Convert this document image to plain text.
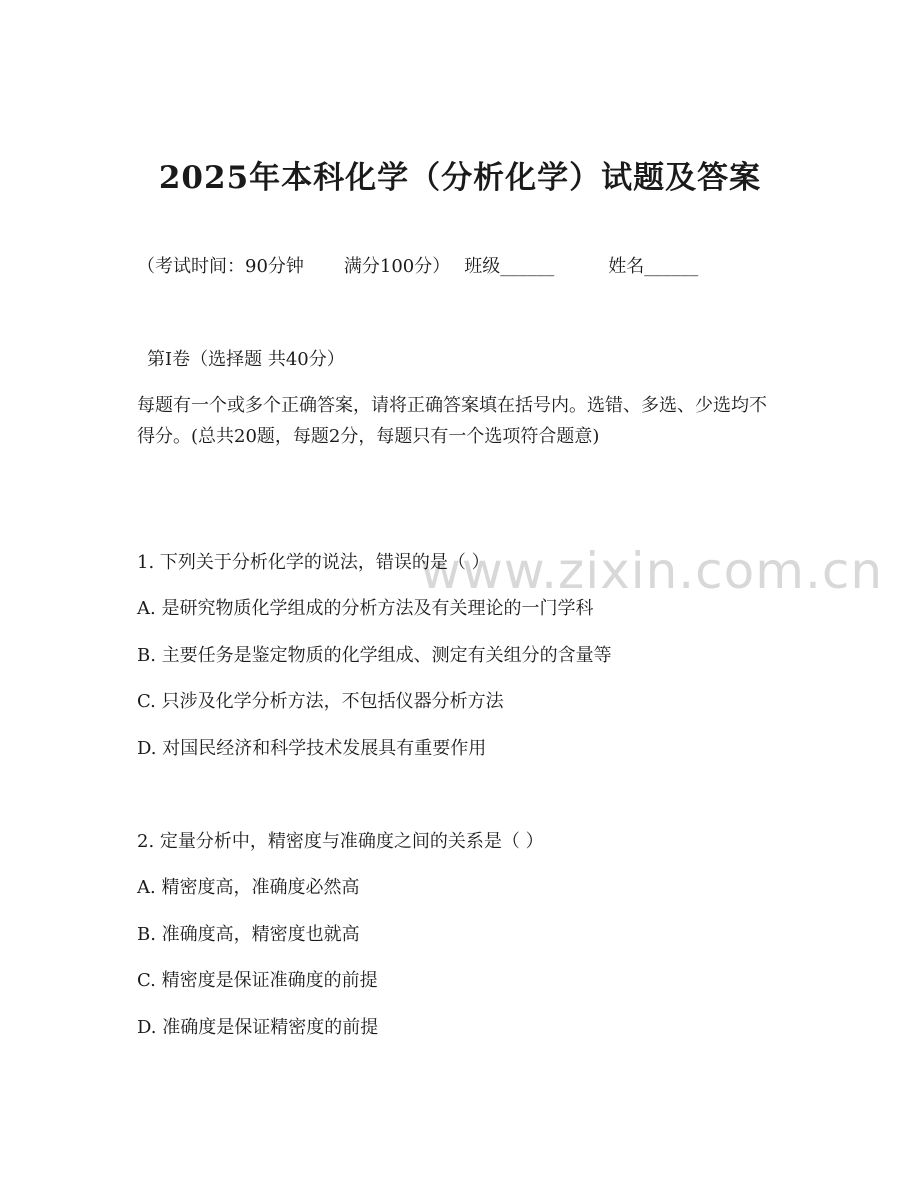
www.zixin.com.cn
2025年本科化学（分析化学）试题及答案
（考试时间：90分钟 满分100分） 班级______	姓名______
第Ⅰ卷（选择题 共40分）
每题有一个或多个正确答案，请将正确答案填在括号内。选错、多选、少选均不得分。(总共20题，每题2分，每题只有一个选项符合题意)
1. 下列关于分析化学的说法，错误的是（ ）
A. 是研究物质化学组成的分析方法及有关理论的一门学科
B. 主要任务是鉴定物质的化学组成、测定有关组分的含量等
C. 只涉及化学分析方法，不包括仪器分析方法
D. 对国民经济和科学技术发展具有重要作用
2. 定量分析中，精密度与准确度之间的关系是（ ）
A. 精密度高，准确度必然高
B. 准确度高，精密度也就高
C. 精密度是保证准确度的前提
D. 准确度是保证精密度的前提
